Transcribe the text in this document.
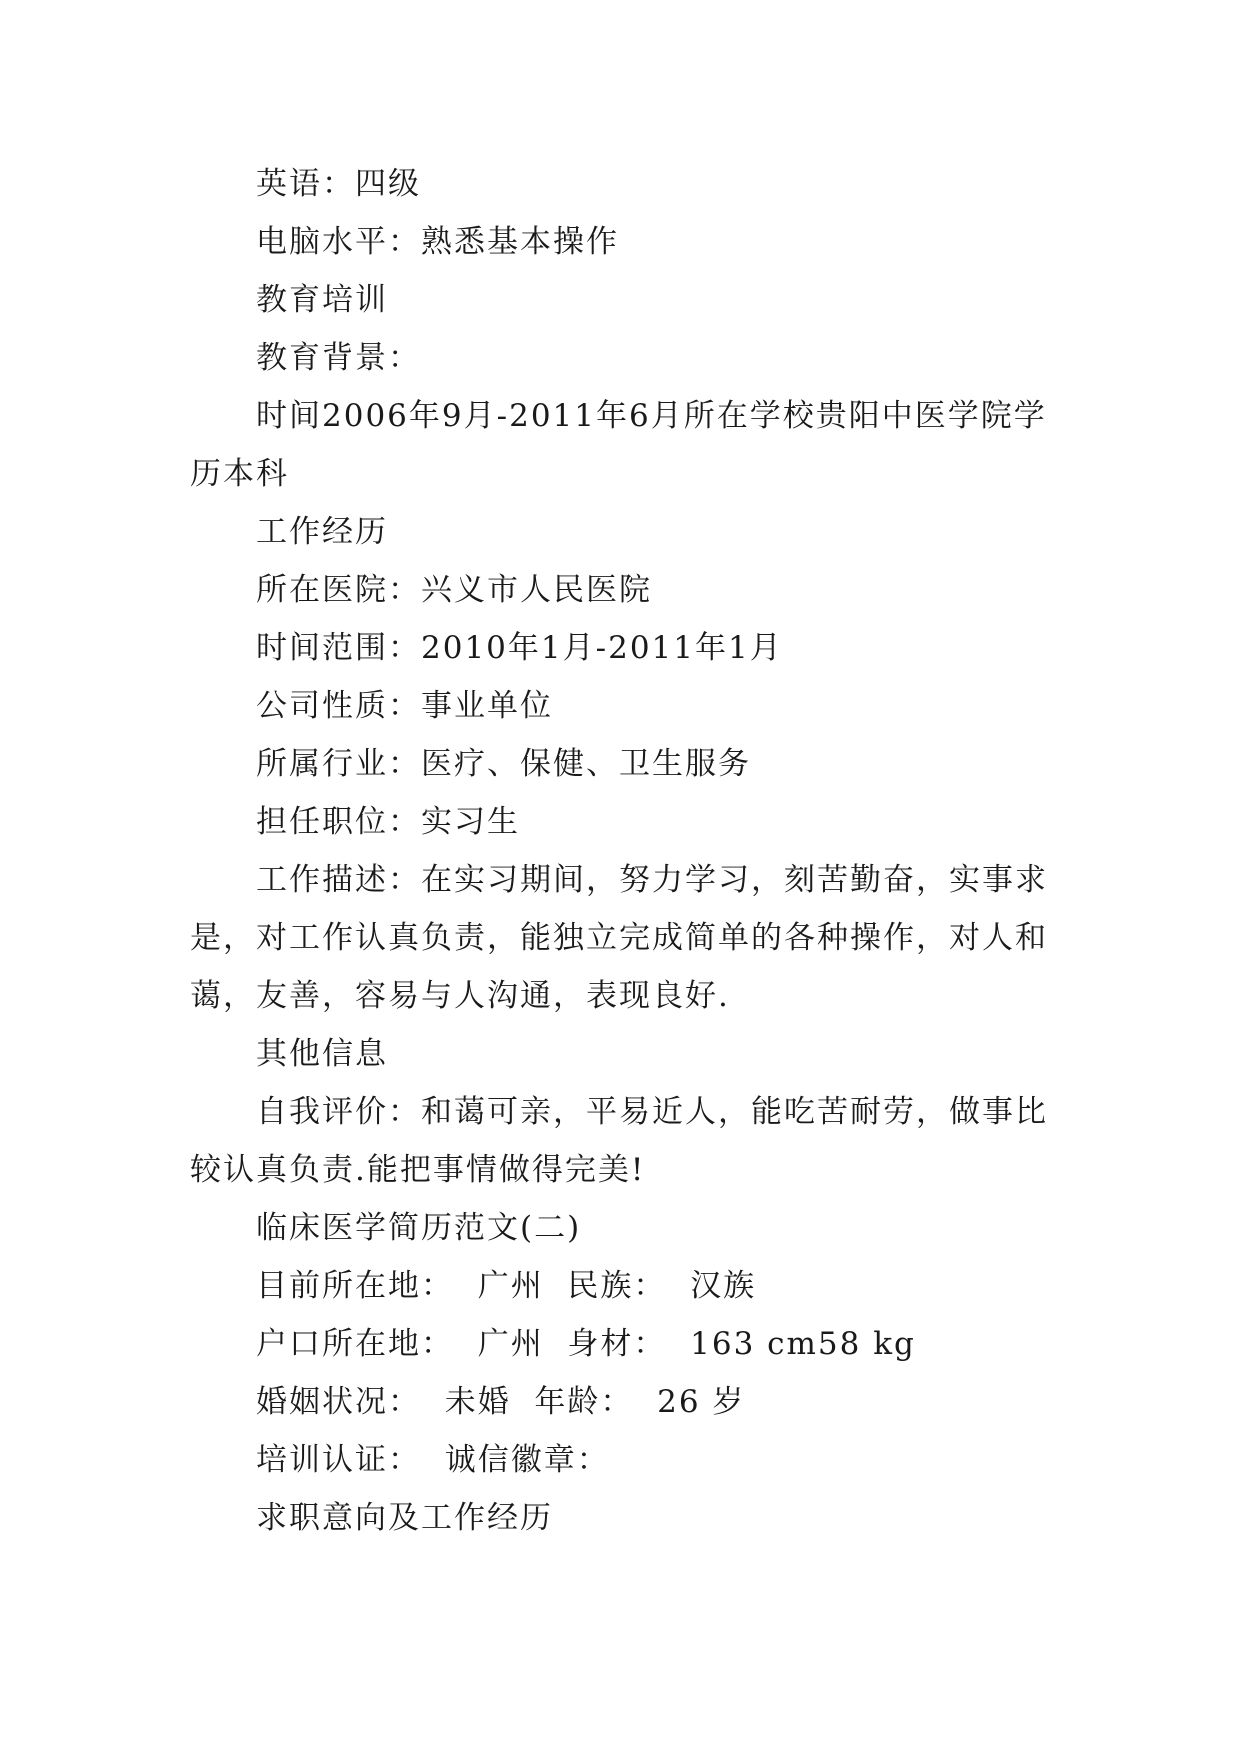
英语：四级

电脑水平：熟悉基本操作

教育培训

教育背景：

时间2006年9月-2011年6月所在学校贵阳中医学院学历本科

工作经历

所在医院：兴义市人民医院

时间范围：2010年1月-2011年1月

公司性质：事业单位

所属行业：医疗、保健、卫生服务

担任职位：实习生

工作描述：在实习期间，努力学习，刻苦勤奋，实事求是，对工作认真负责，能独立完成简单的各种操作，对人和蔼，友善，容易与人沟通，表现良好.

其他信息

自我评价：和蔼可亲，平易近人，能吃苦耐劳，做事比较认真负责.能把事情做得完美!

临床医学简历范文(二)

目前所在地：  广州  民族：  汉族

户口所在地：  广州  身材：  163 cm58 kg

婚姻状况：  未婚  年龄：  26 岁

培训认证：  诚信徽章：

求职意向及工作经历
